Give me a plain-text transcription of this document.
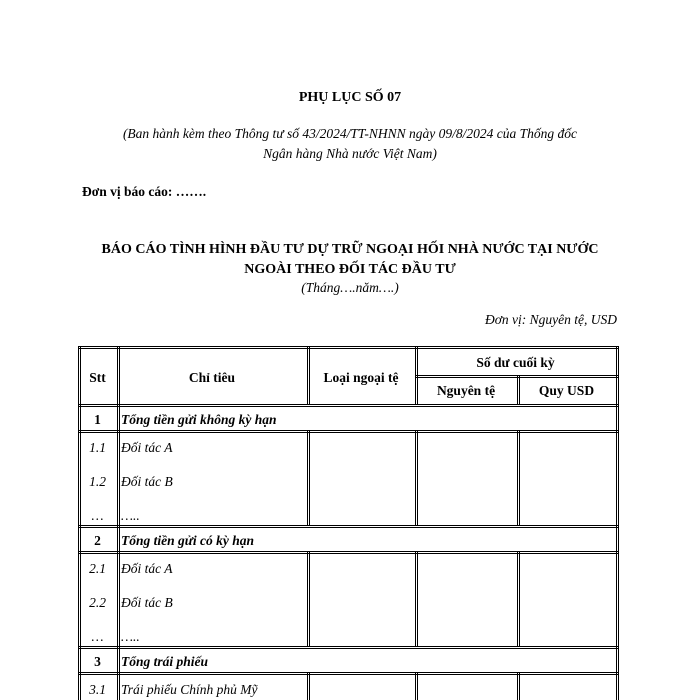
PHỤ LỤC SỐ 07
(Ban hành kèm theo Thông tư số 43/2024/TT-NHNN ngày 09/8/2024 của Thống đốc
Ngân hàng Nhà nước Việt Nam)
Đơn vị báo cáo: …….
BÁO CÁO TÌNH HÌNH ĐẦU TƯ DỰ TRỮ NGOẠI HỐI NHÀ NƯỚC TẠI NƯỚC
NGOÀI THEO ĐỐI TÁC ĐẦU TƯ
(Tháng….năm….)
Đơn vị: Nguyên tệ, USD
Stt	Chỉ tiêu	Loại ngoại tệ
Số dư cuối kỳ
Nguyên tệ	Quy USD
1	Tổng tiền gửi không kỳ hạn
1.1	Đối tác A
1.2	Đối tác B
…	…..
2	Tổng tiền gửi có kỳ hạn
2.1	Đối tác A
2.2	Đối tác B
…	…..
3	Tổng trái phiếu
3.1	Trái phiếu Chính phủ Mỹ
